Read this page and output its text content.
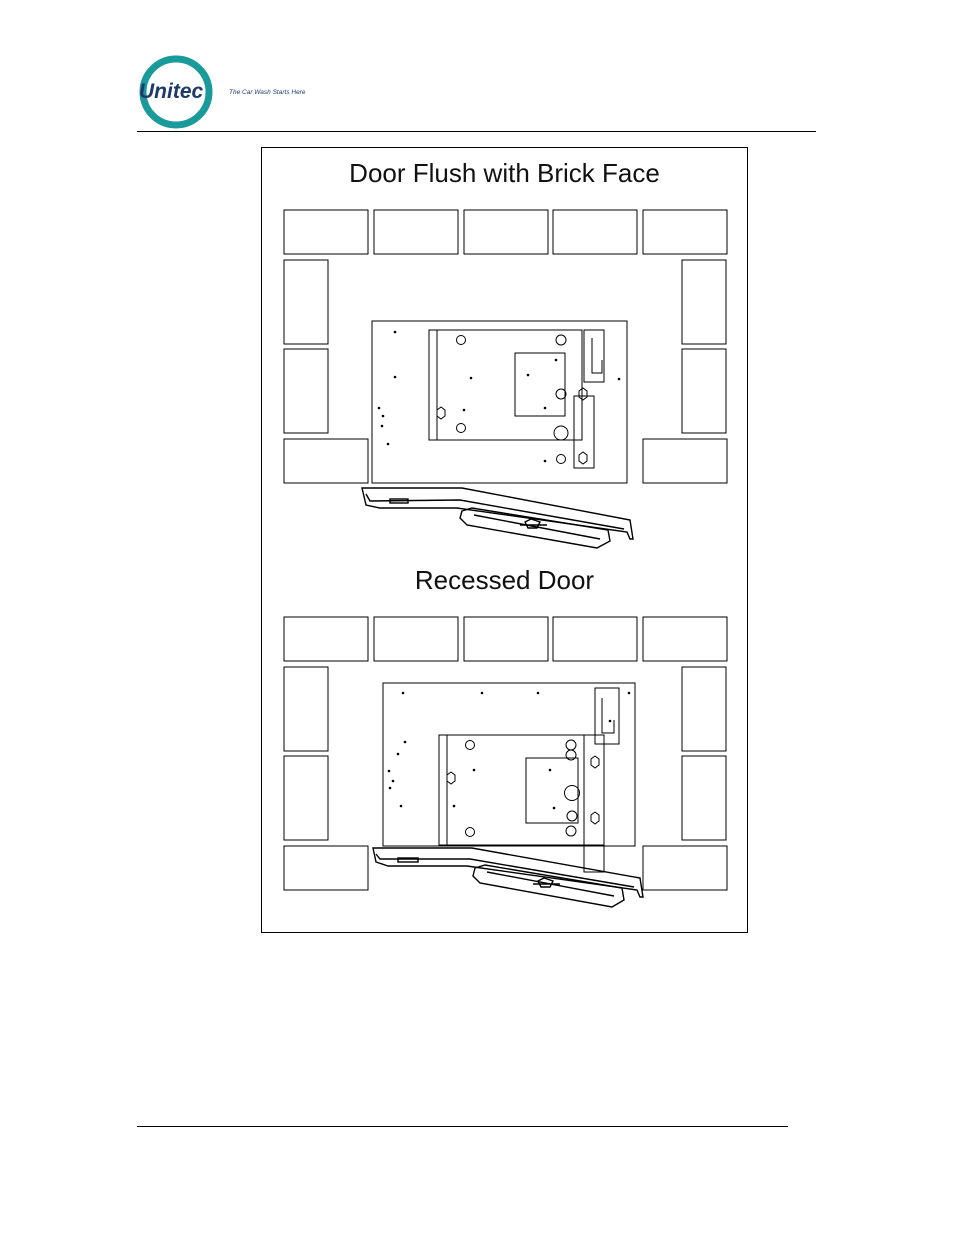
Unitec	The Car Wash Starts Here
Door Flush with Brick Face
Recessed Door
